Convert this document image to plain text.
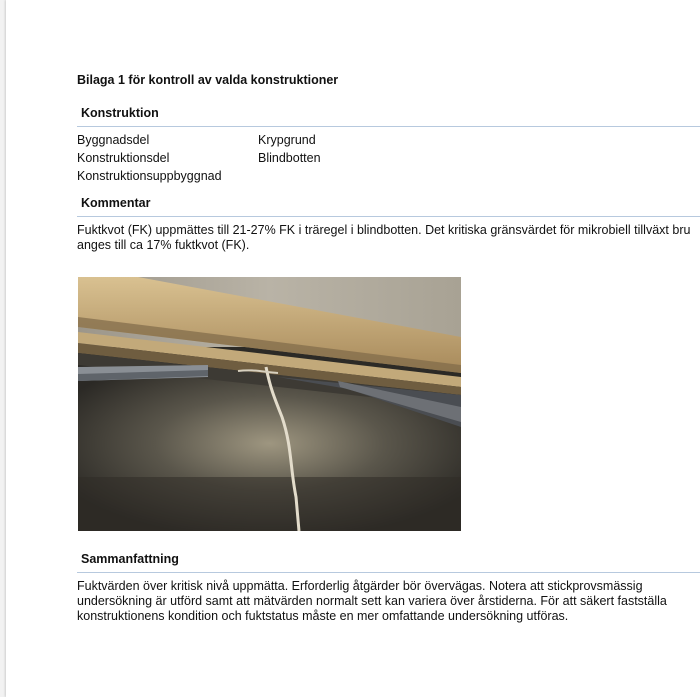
Bilaga 1 för kontroll av valda konstruktioner
Konstruktion
Byggnadsdel	Krypgrund
Konstruktionsdel	Blindbotten
Konstruktionsuppbyggnad
Kommentar
Fuktkvot (FK) uppmättes till 21-27% FK i träregel i blindbotten. Det kritiska gränsvärdet för mikrobiell tillväxt bru
anges till ca 17% fuktkvot (FK).
Sammanfattning
Fuktvärden över kritisk nivå uppmätta. Erforderlig åtgärder bör övervägas. Notera att stickprovsmässig
undersökning är utförd samt att mätvärden normalt sett kan variera över årstiderna. För att säkert fastställa
konstruktionens kondition och fuktstatus måste en mer omfattande undersökning utföras.
